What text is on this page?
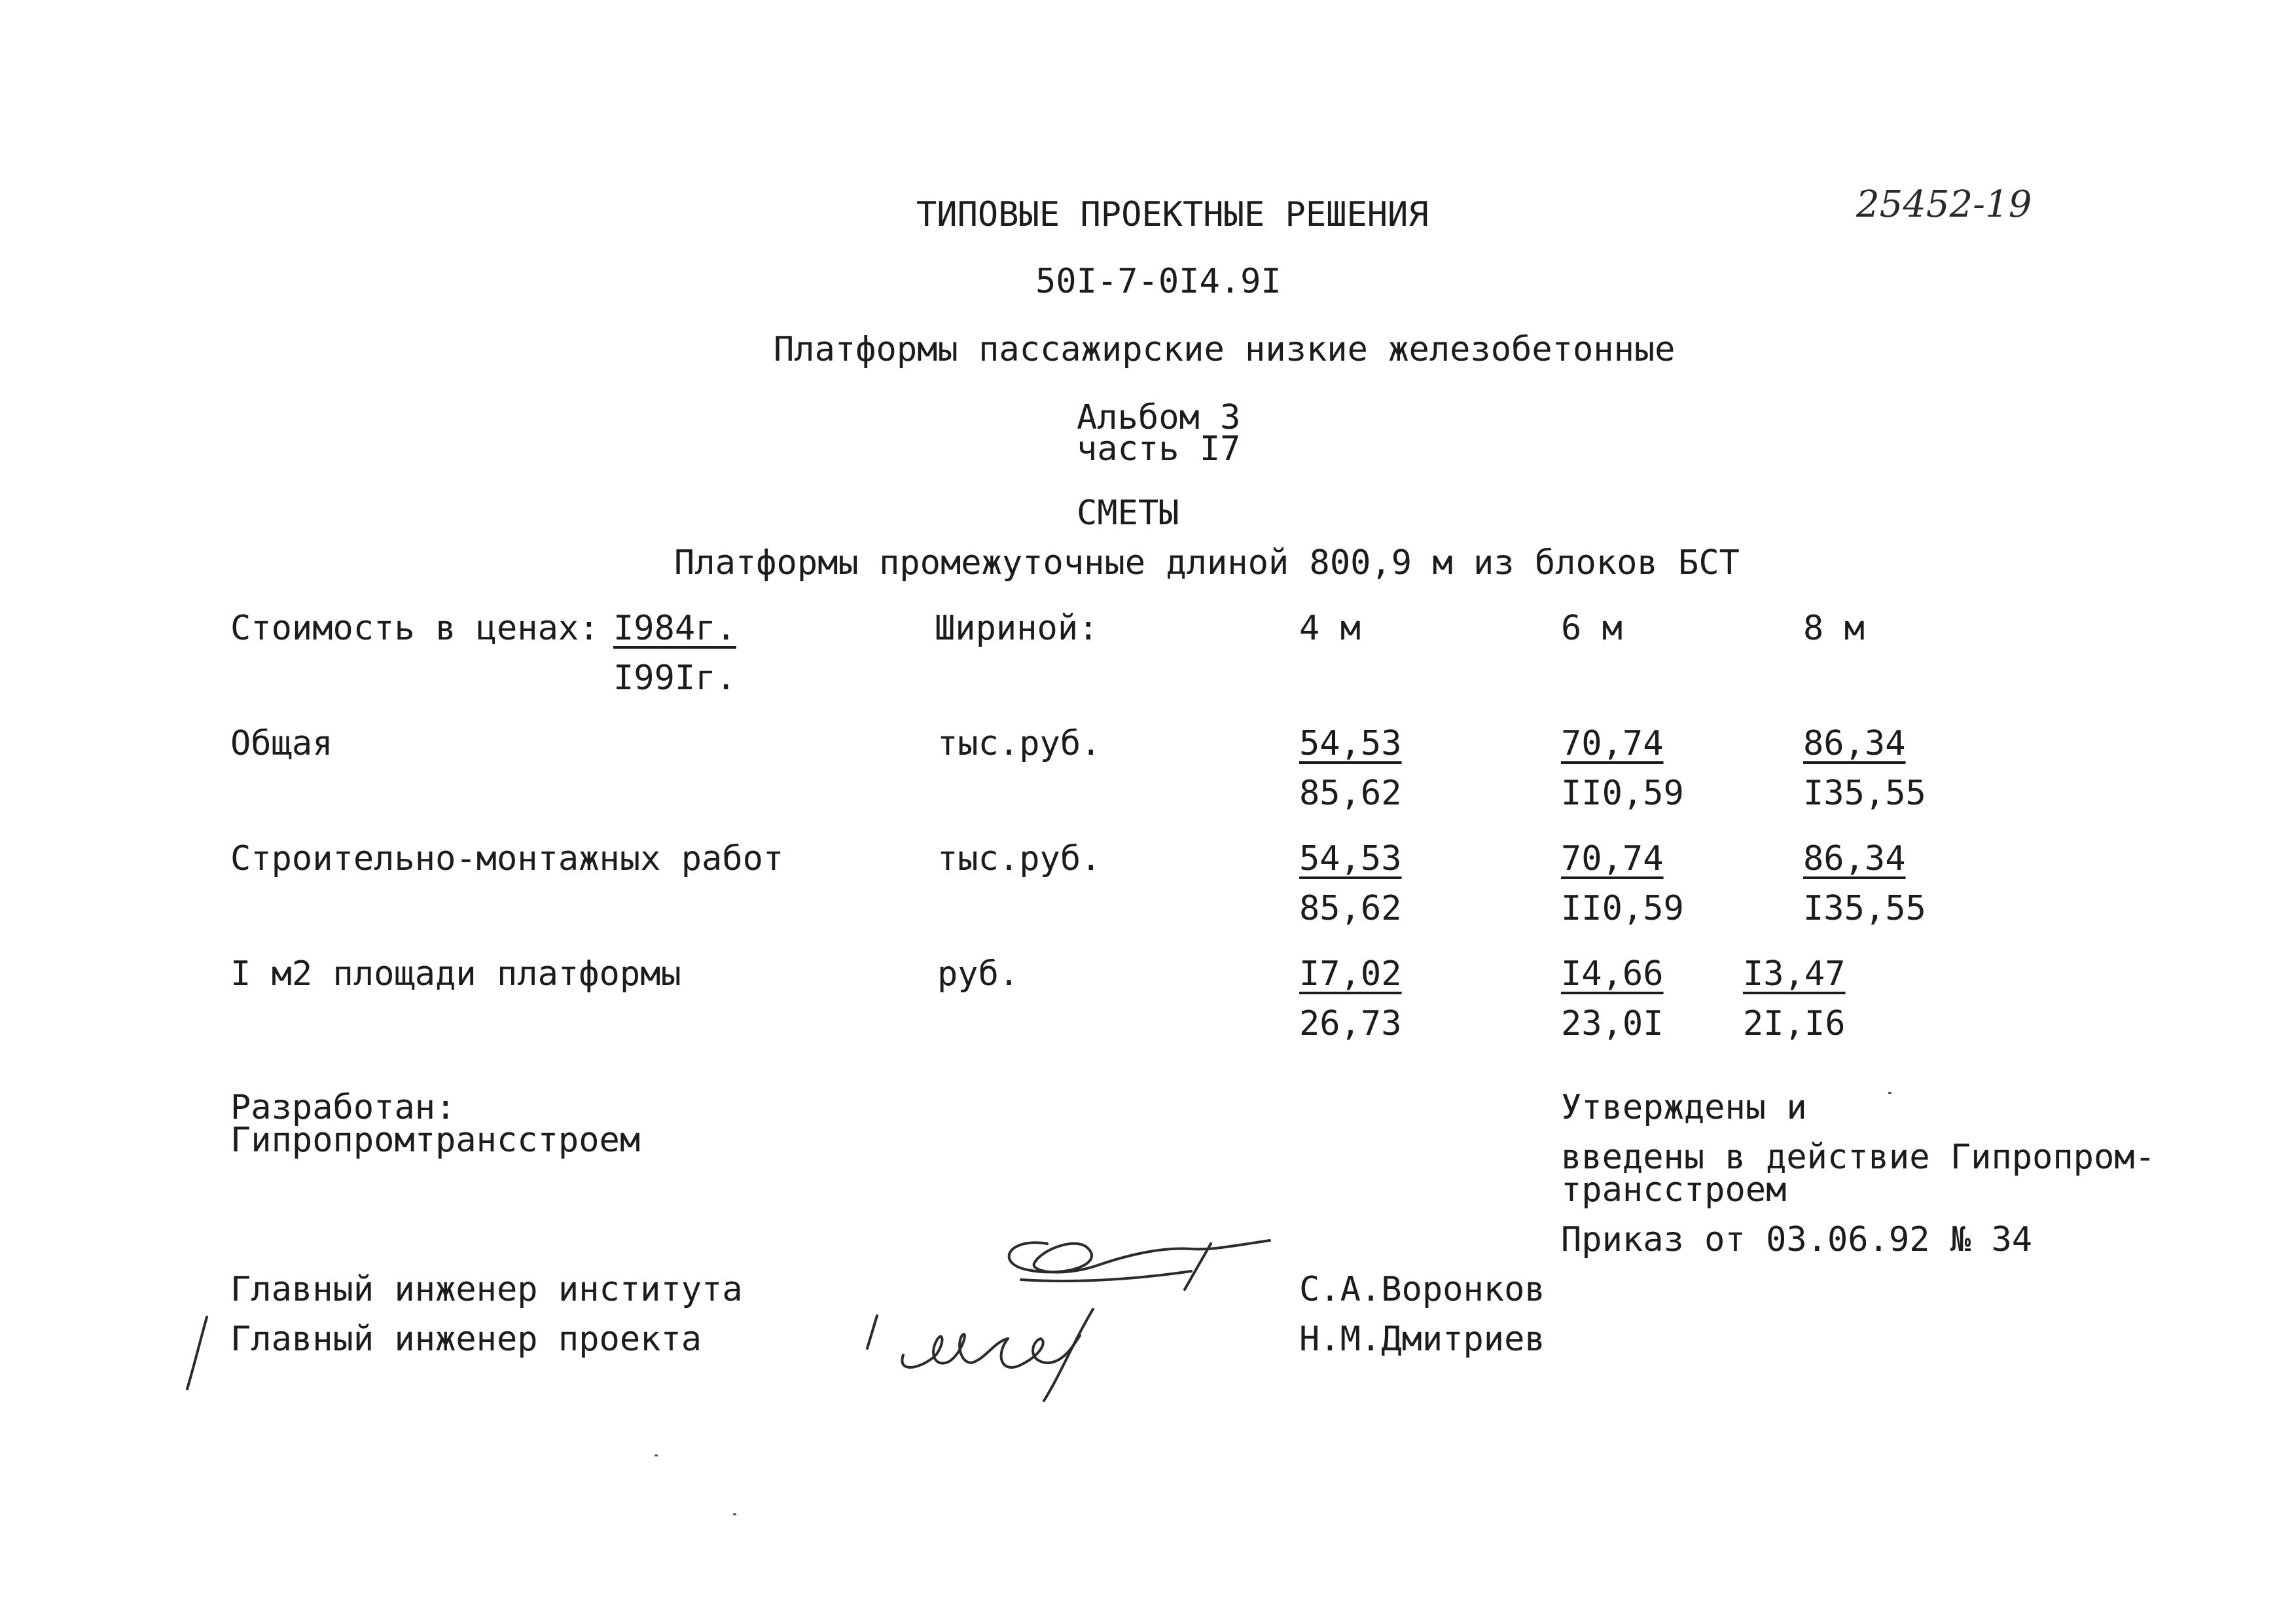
ТИПОВЫЕ ПРОЕКТНЫЕ РЕШЕНИЯ	25452-19
50I-7-0I4.9I
Платформы пассажирские низкие железобетонные
Альбом 3
часть I7
СМЕТЫ
Платформы промежуточные длиной 800,9 м из блоков БСТ
Стоимость в ценах: I984г.
I99Iг.
Шириной:	4 м	6 м	8 м
Общая	тыс.руб.	54,53	70,74	86,34
85,62	II0,59	I35,55
Строительно-монтажных работ	тыс.руб.	54,53	70,74	86,34
85,62	II0,59	I35,55
I м2 площади платформы	руб.	I7,02	I4,66 I3,47
26,73	23,0I 2I,I6
Разработан:
Гипропромтрансстроем
Утверждены и
введены в действие Гипропром-
трансстроем
Приказ от 03.06.92 № 34
Главный инженер института	С.А.Воронков
Главный инженер проекта	Н.М.Дмитриев
